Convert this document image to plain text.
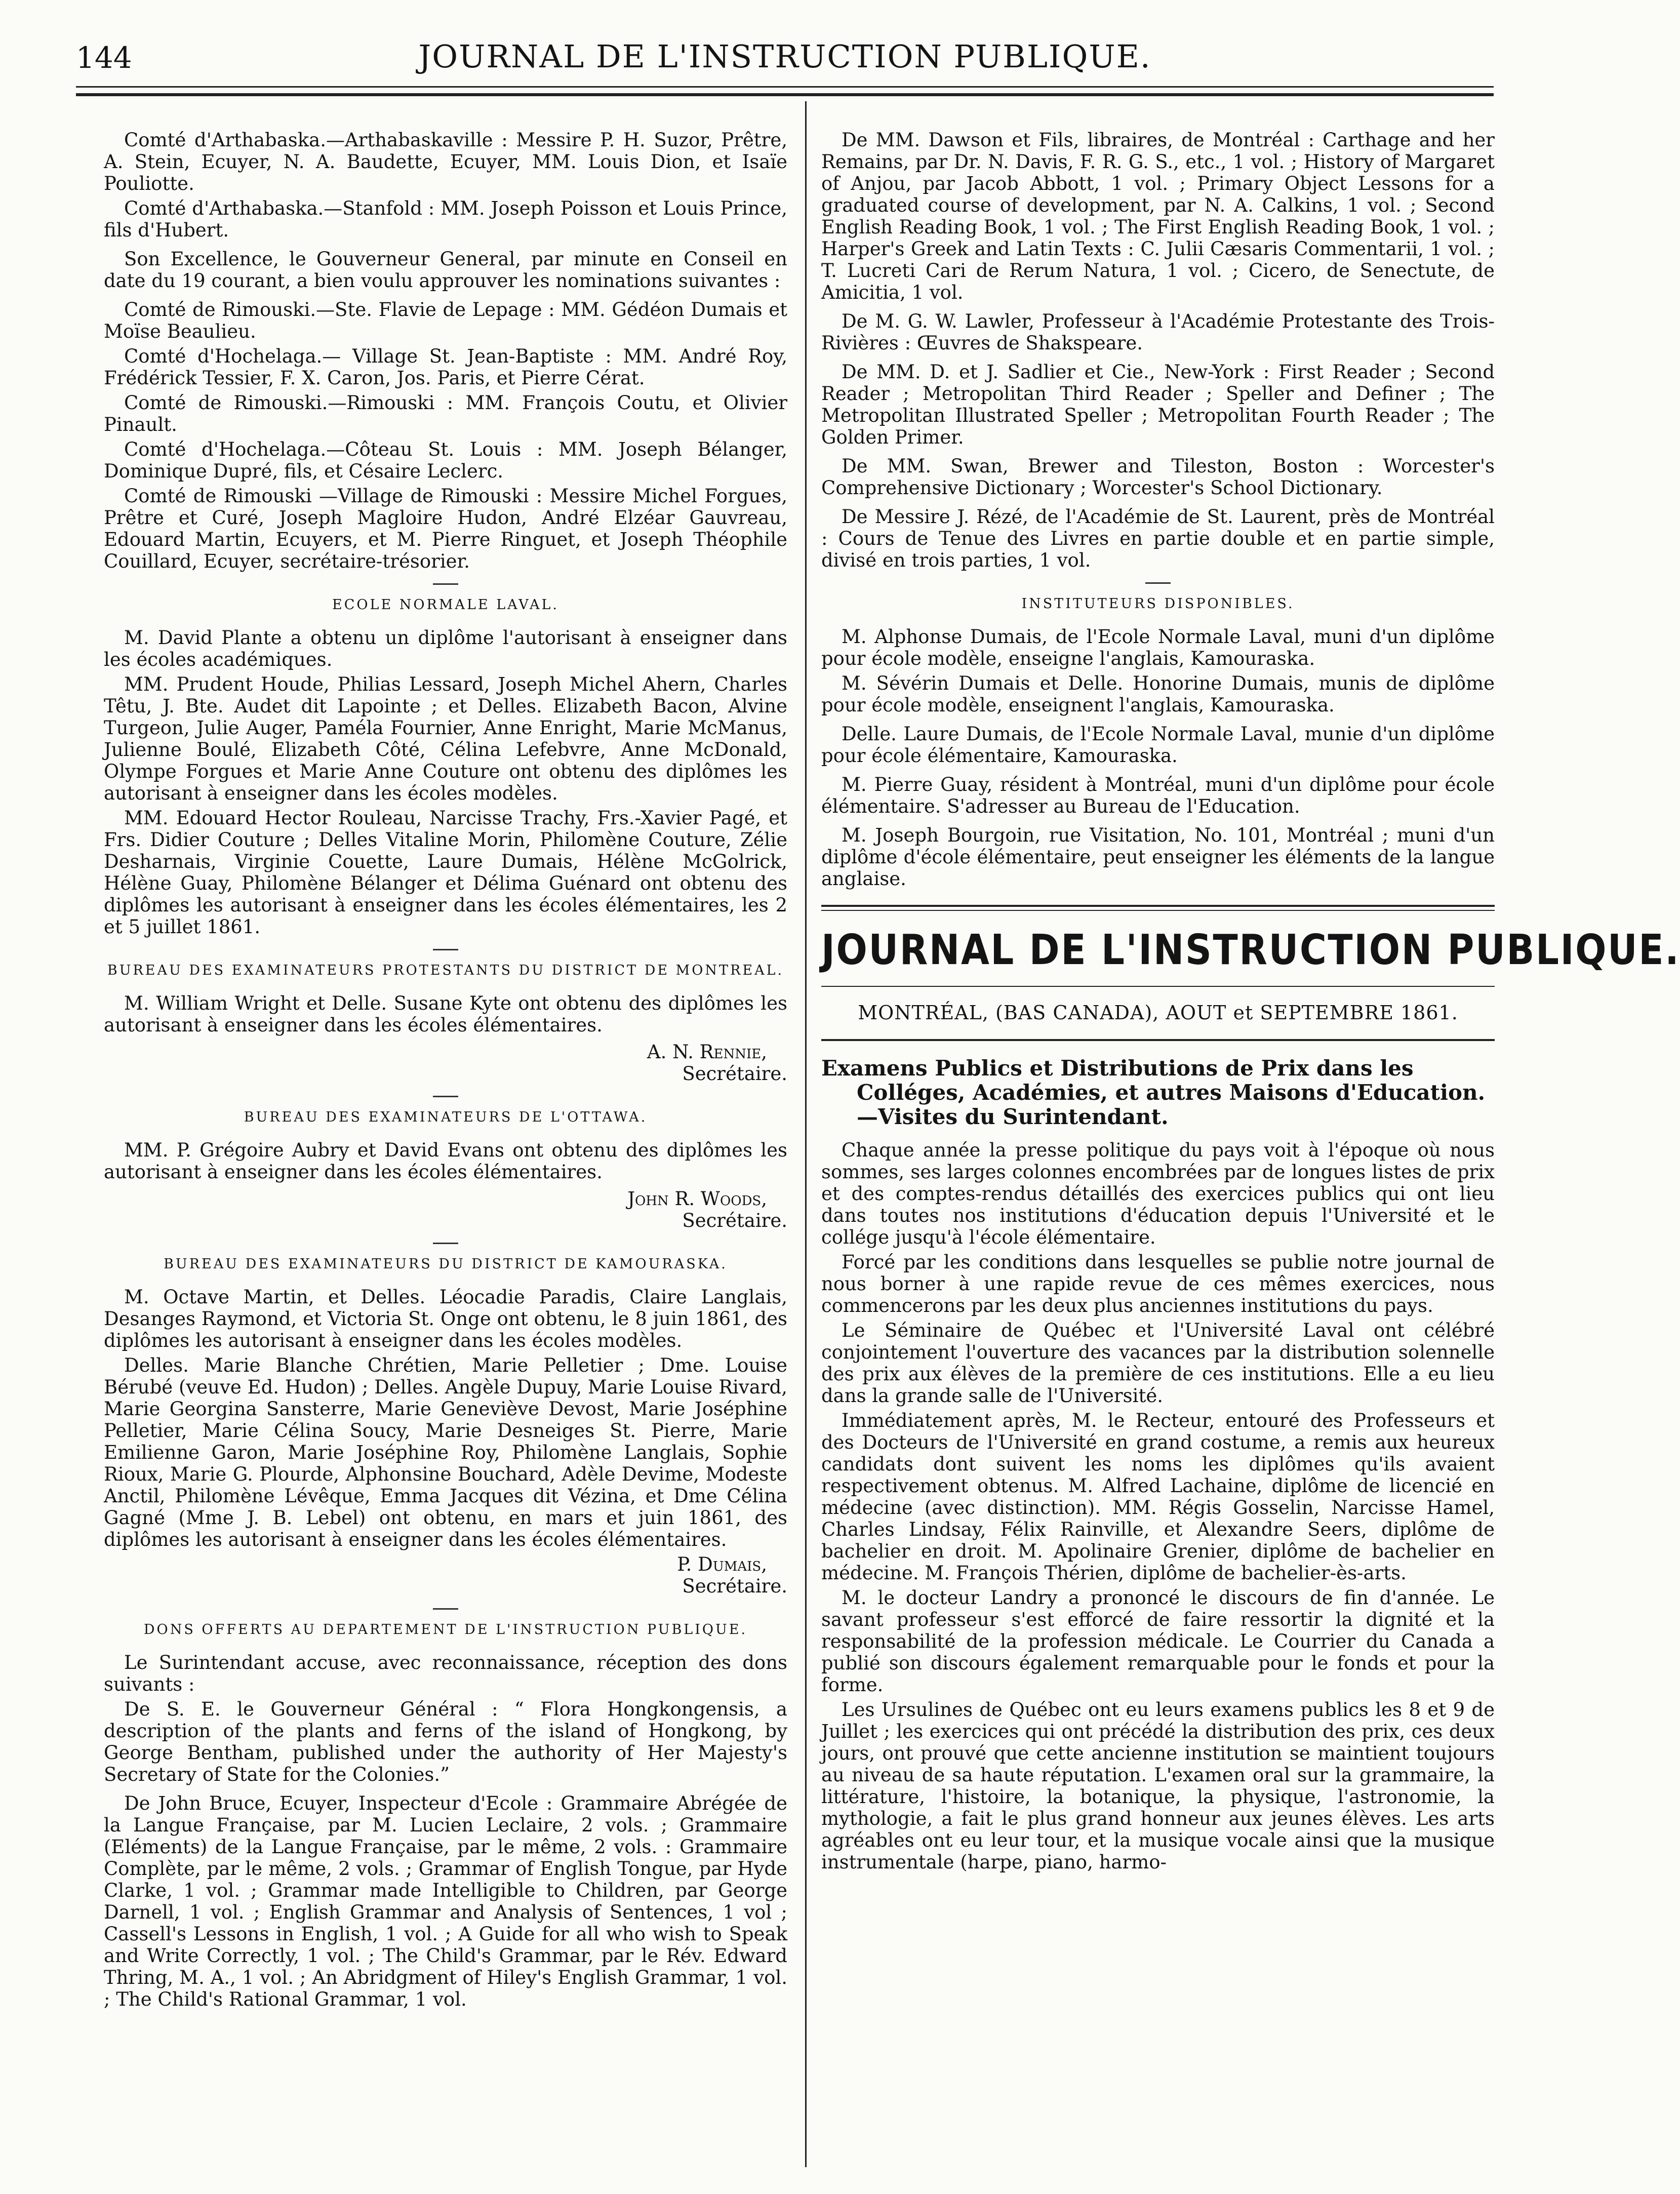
144	JOURNAL DE L'INSTRUCTION PUBLIQUE.

Comté d'Arthabaska.—Arthabaskaville : Messire P. H. Suzor, Prêtre, A. Stein, Ecuyer, N. A. Baudette, Ecuyer, MM. Louis Dion, et Isaïe Pouliotte.

Comté d'Arthabaska.—Stanfold : MM. Joseph Poisson et Louis Prince, fils d'Hubert.

Son Excellence, le Gouverneur General, par minute en Conseil en date du 19 courant, a bien voulu approuver les nominations suivantes :

Comté de Rimouski.—Ste. Flavie de Lepage : MM. Gédéon Dumais et Moïse Beaulieu.

Comté d'Hochelaga.— Village St. Jean-Baptiste : MM. André Roy, Frédérick Tessier, F. X. Caron, Jos. Paris, et Pierre Cérat.

Comté de Rimouski.—Rimouski : MM. François Coutu, et Olivier Pinault.

Comté d'Hochelaga.—Côteau St. Louis : MM. Joseph Bélanger, Dominique Dupré, fils, et Césaire Leclerc.

Comté de Rimouski —Village de Rimouski : Messire Michel Forgues, Prêtre et Curé, Joseph Magloire Hudon, André Elzéar Gauvreau, Edouard Martin, Ecuyers, et M. Pierre Ringuet, et Joseph Théophile Couillard, Ecuyer, secrétaire-trésorier.

ECOLE NORMALE LAVAL.

M. David Plante a obtenu un diplôme l'autorisant à enseigner dans les écoles académiques.

MM. Prudent Houde, Philias Lessard, Joseph Michel Ahern, Charles Têtu, J. Bte. Audet dit Lapointe ; et Delles. Elizabeth Bacon, Alvine Turgeon, Julie Auger, Paméla Fournier, Anne Enright, Marie McManus, Julienne Boulé, Elizabeth Côté, Célina Lefebvre, Anne McDonald, Olympe Forgues et Marie Anne Couture ont obtenu des diplômes les autorisant à enseigner dans les écoles modèles.

MM. Edouard Hector Rouleau, Narcisse Trachy, Frs.-Xavier Pagé, et Frs. Didier Couture ; Delles Vitaline Morin, Philomène Couture, Zélie Desharnais, Virginie Couette, Laure Dumais, Hélène McGolrick, Hélène Guay, Philomène Bélanger et Délima Guénard ont obtenu des diplômes les autorisant à enseigner dans les écoles élémentaires, les 2 et 5 juillet 1861.

BUREAU DES EXAMINATEURS PROTESTANTS DU DISTRICT DE MONTREAL.

M. William Wright et Delle. Susane Kyte ont obtenu des diplômes les autorisant à enseigner dans les écoles élémentaires.

A. N. Rennie,

Secrétaire.

BUREAU DES EXAMINATEURS DE L'OTTAWA.

MM. P. Grégoire Aubry et David Evans ont obtenu des diplômes les autorisant à enseigner dans les écoles élémentaires.

John R. Woods,

Secrétaire.

BUREAU DES EXAMINATEURS DU DISTRICT DE KAMOURASKA.

M. Octave Martin, et Delles. Léocadie Paradis, Claire Langlais, Desanges Raymond, et Victoria St. Onge ont obtenu, le 8 juin 1861, des diplômes les autorisant à enseigner dans les écoles modèles.

Delles. Marie Blanche Chrétien, Marie Pelletier ; Dme. Louise Bérubé (veuve Ed. Hudon) ; Delles. Angèle Dupuy, Marie Louise Rivard, Marie Georgina Sansterre, Marie Geneviève Devost, Marie Joséphine Pelletier, Marie Célina Soucy, Marie Desneiges St. Pierre, Marie Emilienne Garon, Marie Joséphine Roy, Philomène Langlais, Sophie Rioux, Marie G. Plourde, Alphonsine Bouchard, Adèle Devime, Modeste Anctil, Philomène Lévêque, Emma Jacques dit Vézina, et Dme Célina Gagné (Mme J. B. Lebel) ont obtenu, en mars et juin 1861, des diplômes les autorisant à enseigner dans les écoles élémentaires.

P. Dumais,

Secrétaire.

DONS OFFERTS AU DEPARTEMENT DE L'INSTRUCTION PUBLIQUE.

Le Surintendant accuse, avec reconnaissance, réception des dons suivants :

De S. E. le Gouverneur Général : “ Flora Hongkongensis, a description of the plants and ferns of the island of Hongkong, by George Bentham, published under the authority of Her Majesty's Secretary of State for the Colonies.”

De John Bruce, Ecuyer, Inspecteur d'Ecole : Grammaire Abrégée de la Langue Française, par M. Lucien Leclaire, 2 vols. ; Grammaire (Eléments) de la Langue Française, par le même, 2 vols. : Grammaire Complète, par le même, 2 vols. ; Grammar of English Tongue, par Hyde Clarke, 1 vol. ; Grammar made Intelligible to Children, par George Darnell, 1 vol. ; English Grammar and Analysis of Sentences, 1 vol ; Cassell's Lessons in English, 1 vol. ; A Guide for all who wish to Speak and Write Correctly, 1 vol. ; The Child's Grammar, par le Rév. Edward Thring, M. A., 1 vol. ; An Abridgment of Hiley's English Grammar, 1 vol. ; The Child's Rational Grammar, 1 vol.

De MM. Dawson et Fils, libraires, de Montréal : Carthage and her Remains, par Dr. N. Davis, F. R. G. S., etc., 1 vol. ; History of Margaret of Anjou, par Jacob Abbott, 1 vol. ; Primary Object Lessons for a graduated course of development, par N. A. Calkins, 1 vol. ; Second English Reading Book, 1 vol. ; The First English Reading Book, 1 vol. ; Harper's Greek and Latin Texts : C. Julii Cæsaris Commentarii, 1 vol. ; T. Lucreti Cari de Rerum Natura, 1 vol. ; Cicero, de Senectute, de Amicitia, 1 vol.

De M. G. W. Lawler, Professeur à l'Académie Protestante des Trois-Rivières : Œuvres de Shakspeare.

De MM. D. et J. Sadlier et Cie., New-York : First Reader ; Second Reader ; Metropolitan Third Reader ; Speller and Definer ; The Metropolitan Illustrated Speller ; Metropolitan Fourth Reader ; The Golden Primer.

De MM. Swan, Brewer and Tileston, Boston : Worcester's Comprehensive Dictionary ; Worcester's School Dictionary.

De Messire J. Rézé, de l'Académie de St. Laurent, près de Montréal : Cours de Tenue des Livres en partie double et en partie simple, divisé en trois parties, 1 vol.

INSTITUTEURS DISPONIBLES.

M. Alphonse Dumais, de l'Ecole Normale Laval, muni d'un diplôme pour école modèle, enseigne l'anglais, Kamouraska.

M. Sévérin Dumais et Delle. Honorine Dumais, munis de diplôme pour école modèle, enseignent l'anglais, Kamouraska.

Delle. Laure Dumais, de l'Ecole Normale Laval, munie d'un diplôme pour école élémentaire, Kamouraska.

M. Pierre Guay, résident à Montréal, muni d'un diplôme pour école élémentaire. S'adresser au Bureau de l'Education.

M. Joseph Bourgoin, rue Visitation, No. 101, Montréal ; muni d'un diplôme d'école élémentaire, peut enseigner les éléments de la langue anglaise.

JOURNAL DE L'INSTRUCTION PUBLIQUE.
MONTRÉAL, (BAS CANADA), AOUT et SEPTEMBRE 1861.
Examens Publics et Distributions de Prix dans les Colléges, Académies, et autres Maisons d'Education.—Visites du Surintendant.

Chaque année la presse politique du pays voit à l'époque où nous sommes, ses larges colonnes encombrées par de longues listes de prix et des comptes-rendus détaillés des exercices publics qui ont lieu dans toutes nos institutions d'éducation depuis l'Université et le collége jusqu'à l'école élémentaire.

Forcé par les conditions dans lesquelles se publie notre journal de nous borner à une rapide revue de ces mêmes exercices, nous commencerons par les deux plus anciennes institutions du pays.

Le Séminaire de Québec et l'Université Laval ont célébré conjointement l'ouverture des vacances par la distribution solennelle des prix aux élèves de la première de ces institutions. Elle a eu lieu dans la grande salle de l'Université.

Immédiatement après, M. le Recteur, entouré des Professeurs et des Docteurs de l'Université en grand costume, a remis aux heureux candidats dont suivent les noms les diplômes qu'ils avaient respectivement obtenus. M. Alfred Lachaine, diplôme de licencié en médecine (avec distinction). MM. Régis Gosselin, Narcisse Hamel, Charles Lindsay, Félix Rainville, et Alexandre Seers, diplôme de bachelier en droit. M. Apolinaire Grenier, diplôme de bachelier en médecine. M. François Thérien, diplôme de bachelier-ès-arts.

M. le docteur Landry a prononcé le discours de fin d'année. Le savant professeur s'est efforcé de faire ressortir la dignité et la responsabilité de la profession médicale. Le Courrier du Canada a publié son discours également remarquable pour le fonds et pour la forme.

Les Ursulines de Québec ont eu leurs examens publics les 8 et 9 de Juillet ; les exercices qui ont précédé la distribution des prix, ces deux jours, ont prouvé que cette ancienne institution se maintient toujours au niveau de sa haute réputation. L'examen oral sur la grammaire, la littérature, l'histoire, la botanique, la physique, l'astronomie, la mythologie, a fait le plus grand honneur aux jeunes élèves. Les arts agréables ont eu leur tour, et la musique vocale ainsi que la musique instrumentale (harpe, piano, harmo-
